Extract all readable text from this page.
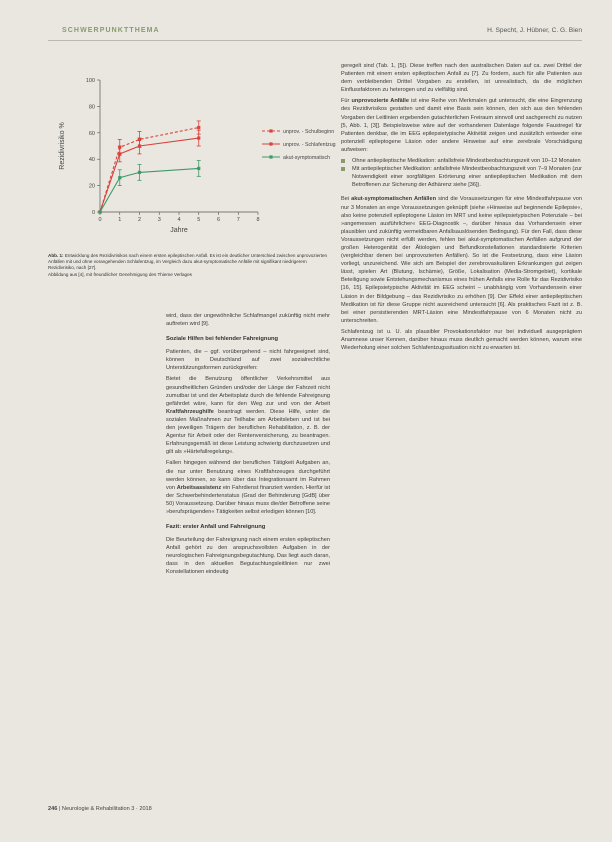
SCHWERPUNKTTHEMA	H. Specht, J. Hübner, C. G. Bien
0
20
40
60
80
100
0	1	2	3	4	5	6	7	8
Rezidivrisiko %
Jahre
unprov. - Schulbeginn
unprov. - Schlafentzug
akut-symptomatisch

Abb. 1: Entwicklung des Rezidivrisikos nach einem ersten epileptischen Anfall. Es ist ein deutlicher Unterschied zwischen unprovozierten Anfällen mit und ohne vorangehenden Schlafentzug, im Vergleich dazu akut-symptomatische Anfälle mit signifikant niedrigerem Rezidivrisiko, nach [27].

Abbildung aus [4], mit freundlicher Genehmigung des Thieme Verlages

wird, dass der ungewöhnliche Schlafmangel zukünftig nicht mehr auftreten wird [9].

Soziale Hilfen bei fehlender Fahreignung

Patienten, die – ggf. vorübergehend – nicht fahrgeeignet sind, können in Deutschland auf zwei sozialrechtliche Unterstützungsformen zurückgreifen:

Bietet die Benutzung öffentlicher Verkehrsmittel aus gesundheitlichen Gründen und/oder der Länge der Fahrzeit nicht zumutbar ist und der Arbeitsplatz durch die fehlende Fahreignung gefährdet wäre, kann für den Weg zur und von der Arbeit Kraftfahrzeughilfe beantragt werden. Diese Hilfe, unter die sozialen Maßnahmen zur Teilhabe am Arbeitsleben und ist bei den jeweiligen Trägern der beruflichen Rehabilitation, z. B. der Agentur für Arbeit oder der Rentenversicherung, zu beantragen. Erfahrungsgemäß ist diese Leistung schwierig durchzusetzen und gilt als »Härtefallregelung«.

Fallen hingegen während der beruflichen Tätigkeit Aufgaben an, die nur unter Benutzung eines Kraftfahrzeuges durchgeführt werden können, so kann über das Integrationsamt im Rahmen von Arbeitsassistenz ein Fahrdienst finanziert werden. Hierfür ist der Schwerbehindertenstatus (Grad der Behinderung [GdB] über 50) Voraussetzung. Darüber hinaus muss die/der Betroffene seine »berufsprägenden« Tätigkeiten selbst erledigen können [10].

Fazit: erster Anfall und Fahreignung

Die Beurteilung der Fahreignung nach einem ersten epileptischen Anfall gehört zu den anspruchsvollsten Aufgaben in der neurologischen Fahreignungsbegutachtung. Das liegt auch daran, dass in den aktuellen Begutachtungsleitlinien nur zwei Konstellationen eindeutig

geregelt sind (Tab. 1, [5]). Diese treffen nach den australischen Daten auf ca. zwei Drittel der Patienten mit einem ersten epileptischen Anfall zu [7]. Zu fordern, auch für alle Patienten aus dem verbleibenden Drittel Vorgaben zu erstellen, ist unrealistisch, da die möglichen Einflussfaktoren zu heterogen und zu vielfältig sind.

Für unprovozierte Anfälle ist eine Reihe von Merkmalen gut untersucht, die eine Eingrenzung des Rezidivrisikos gestatten und damit eine Basis sein können, den sich aus den fehlenden Vorgaben der Leitlinien ergebenden gutachterlichen Freiraum sinnvoll und sachgerecht zu nutzen [5, Abb. 1, [3]]. Beispielsweise wäre auf der vorhandenen Datenlage folgende Faustregel für Patienten denkbar, die im EEG epilepsietypische Aktivität zeigen und zusätzlich entweder eine potenziell epileptogene Läsion oder andere Hinweise auf eine zerebrale Vorschädigung aufweisen:

Ohne antiepileptische Medikation: anfallsfreie Mindestbeobachtungszeit von 10–12 Monaten
Mit antiepileptischer Medikation: anfallsfreie Mindestbeobachtungszeit von 7–9 Monaten (zur Notwendigkeit einer sorgfältigen Erörterung einer antiepileptischen Medikation mit dem Betroffenen zur Sicherung der Adhärenz siehe [36]).

Bei akut-symptomatischen Anfällen sind die Voraussetzungen für eine Mindestfahrpause von nur 3 Monaten an enge Voraussetzungen geknüpft (siehe »Hinweise auf beginnende Epilepsie«, also keine potenziell epileptogene Läsion im MRT und keine epilepsietypischen Potenziale – bei »angemessen ausführlicher« EEG-Diagnostik –, darüber hinaus das Vorhandensein einer plausiblen und zukünftig vermeidbaren Anfallsauslösenden Bedingung). Für den Fall, dass diese Voraussetzungen nicht erfüllt werden, fehlen bei akut-symptomatischen Anfällen aufgrund der großen Heterogenität der Ätiologien und Befundkonstellationen standardisierte Kriterien (vergleichbar denen bei unprovozierten Anfällen). So ist die Festsetzung, dass eine Läsion vorliegt, unzureichend. Wie sich am Beispiel der zerebrovaskulären Erkrankungen gut zeigen lässt, spielen Art (Blutung, Ischämie), Größe, Lokalisation (Media-Stromgebiet), kortikale Beteiligung sowie Entstehungsmechanismus eines frühen Anfalls eine Rolle für das Rezidivrisiko [16, 15]. Epilepsietypische Aktivität im EEG scheint – unabhängig vom Vorhandensein einer Läsion in der Bildgebung – das Rezidivrisiko zu erhöhen [9]. Der Effekt einer antiepileptischen Medikation ist für diese Gruppe nicht ausreichend untersucht [6]. Als praktisches Fazit ist z. B. bei einer persistierenden MRT-Läsion eine Mindestfahrpause von 6 Monaten nicht zu unterschreiten.

Schlafentzug ist u. U. als plausibler Provokationsfaktor nur bei individuell ausgeprägtem Anamnese unser Kennen, darüber hinaus muss deutlich gemacht werden können, warum eine Wiederholung einer solchen Schlafentzugssituation nicht zu erwarten ist.

246 | Neurologie & Rehabilitation 3 · 2018
